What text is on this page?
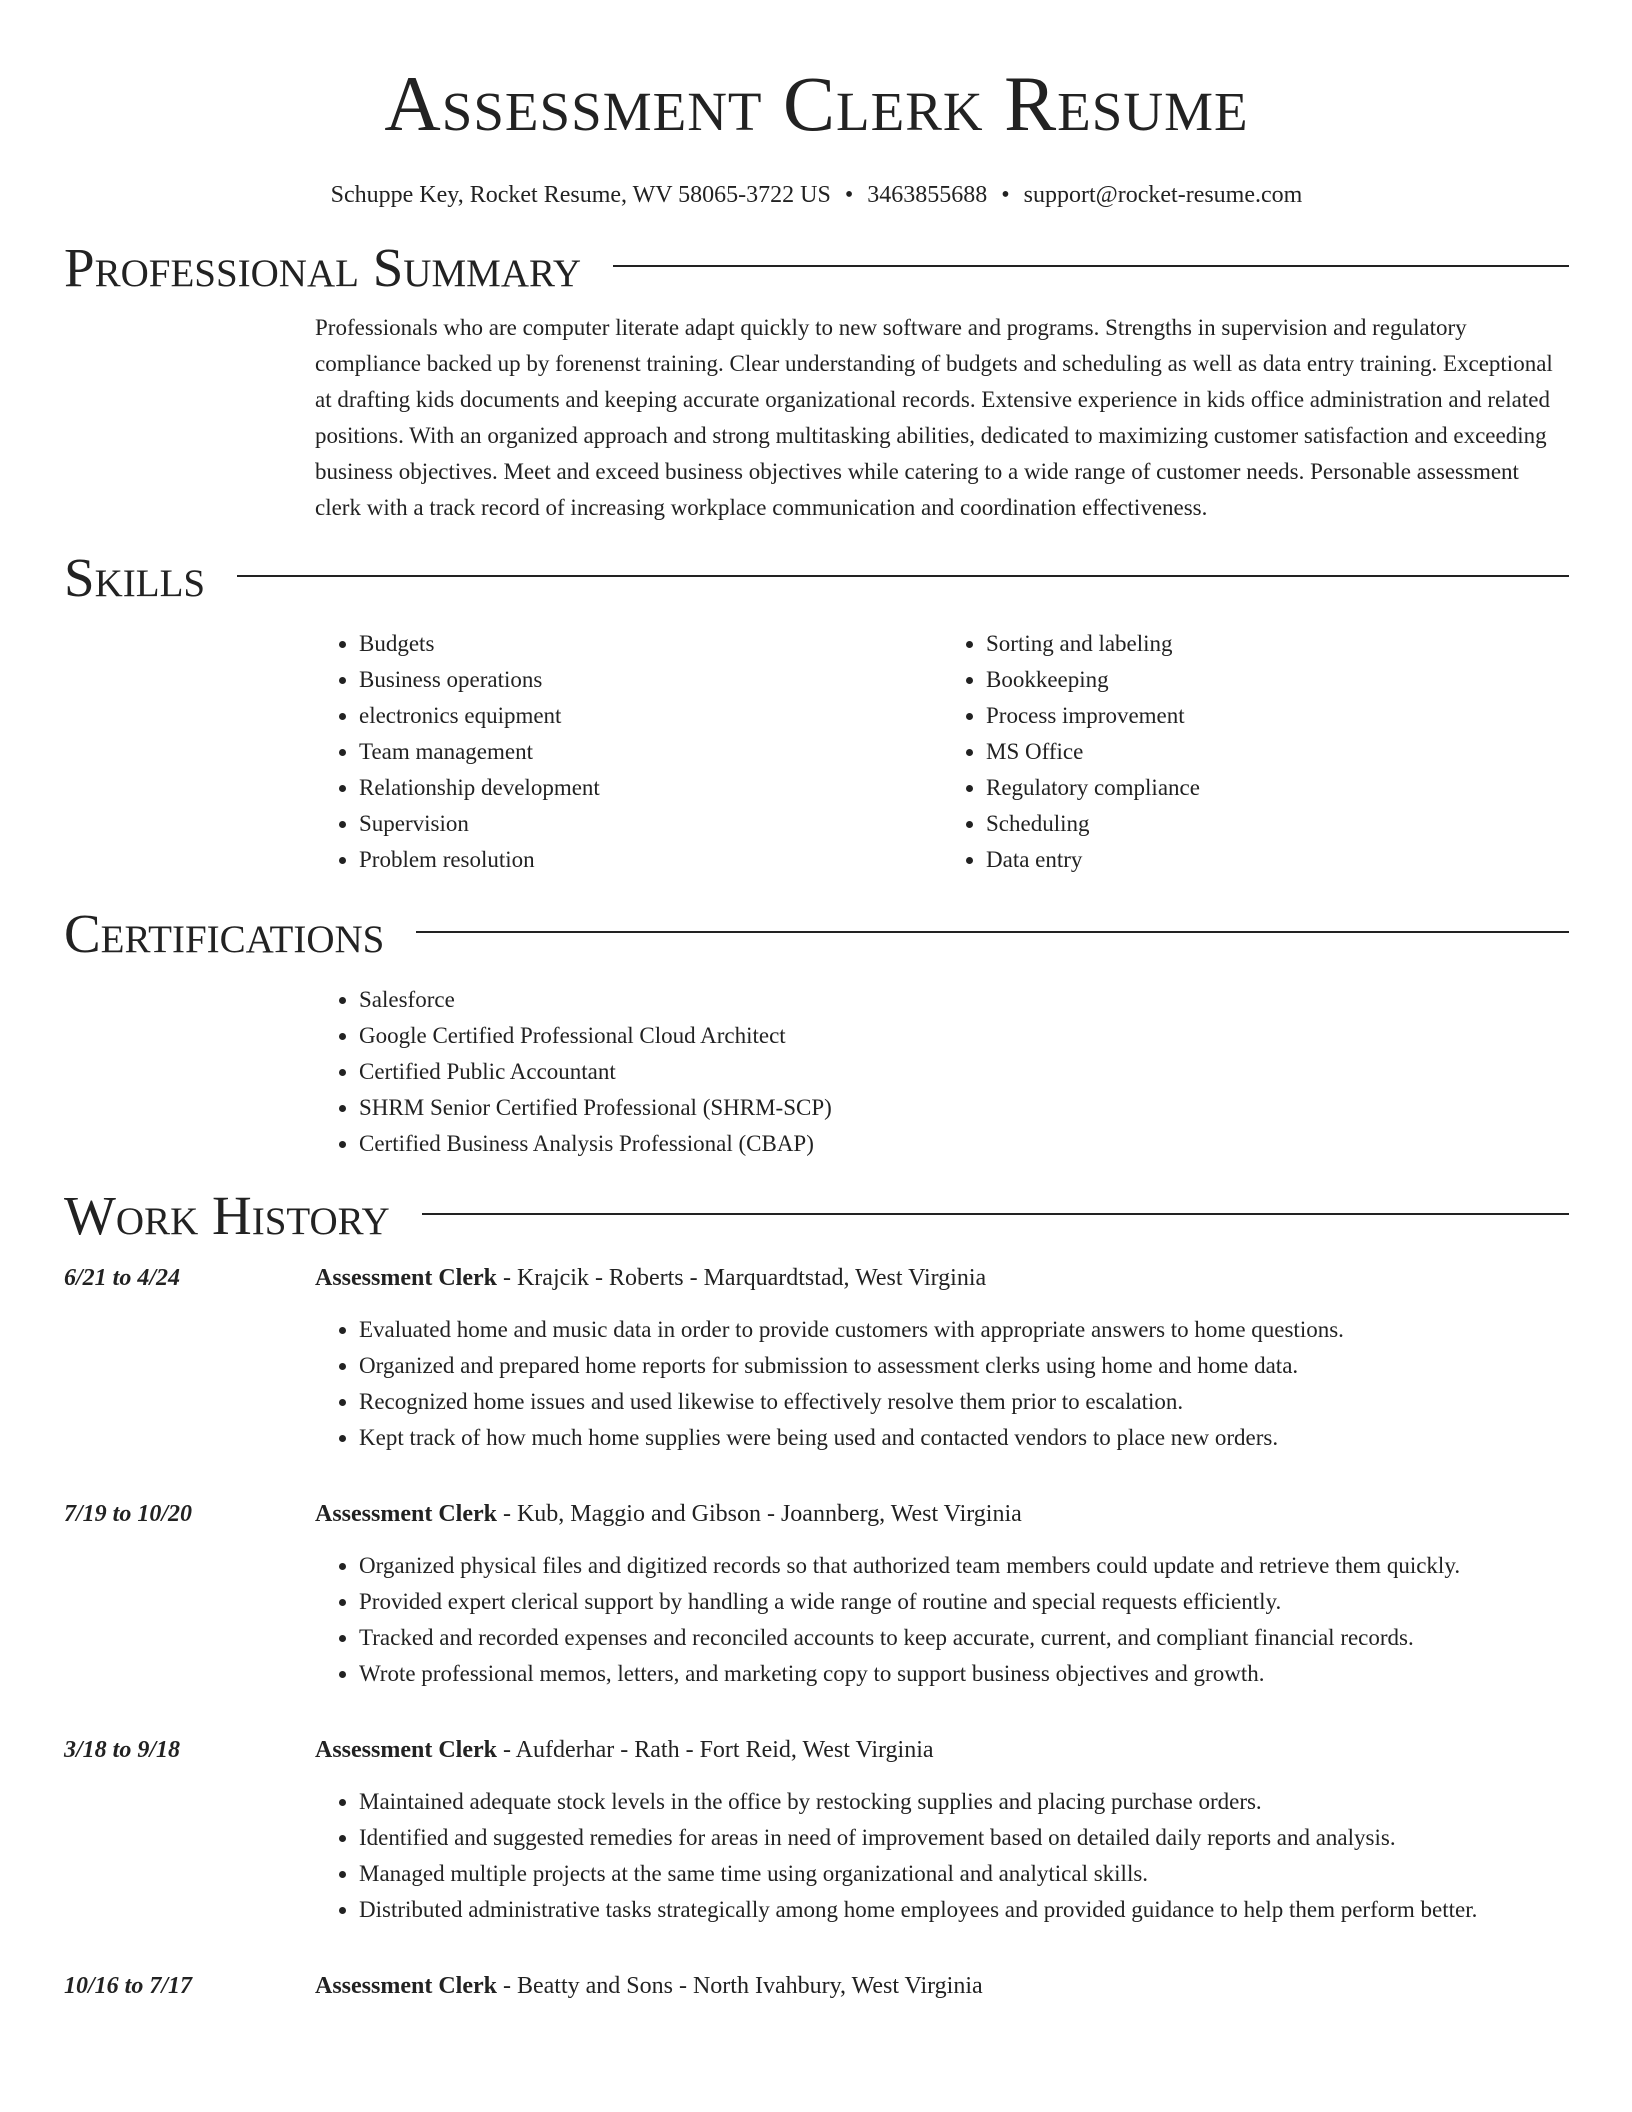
Assessment Clerk Resume
Schuppe Key, Rocket Resume, WV 58065-3722 US • 3463855688 • support@rocket-resume.com
Professional Summary

Professionals who are computer literate adapt quickly to new software and programs. Strengths in supervision and regulatory compliance backed up by forenenst training. Clear understanding of budgets and scheduling as well as data entry training. Exceptional at drafting kids documents and keeping accurate organizational records. Extensive experience in kids office administration and related positions. With an organized approach and strong multitasking abilities, dedicated to maximizing customer satisfaction and exceeding business objectives. Meet and exceed business objectives while catering to a wide range of customer needs. Personable assessment clerk with a track record of increasing workplace communication and coordination effectiveness.

Skills
• Budgets
• Business operations
• electronics equipment
• Team management
• Relationship development
• Supervision
• Problem resolution
• Sorting and labeling
• Bookkeeping
• Process improvement
• MS Office
• Regulatory compliance
• Scheduling
• Data entry
Certifications
• Salesforce
• Google Certified Professional Cloud Architect
• Certified Public Accountant
• SHRM Senior Certified Professional (SHRM-SCP)
• Certified Business Analysis Professional (CBAP)
Work History
6/21 to 4/24	Assessment Clerk - Krajcik - Roberts - Marquardtstad, West Virginia
• Evaluated home and music data in order to provide customers with appropriate answers to home questions.
• Organized and prepared home reports for submission to assessment clerks using home and home data.
• Recognized home issues and used likewise to effectively resolve them prior to escalation.
• Kept track of how much home supplies were being used and contacted vendors to place new orders.
7/19 to 10/20	Assessment Clerk - Kub, Maggio and Gibson - Joannberg, West Virginia
• Organized physical files and digitized records so that authorized team members could update and retrieve them quickly.
• Provided expert clerical support by handling a wide range of routine and special requests efficiently.
• Tracked and recorded expenses and reconciled accounts to keep accurate, current, and compliant financial records.
• Wrote professional memos, letters, and marketing copy to support business objectives and growth.
3/18 to 9/18	Assessment Clerk - Aufderhar - Rath - Fort Reid, West Virginia
• Maintained adequate stock levels in the office by restocking supplies and placing purchase orders.
• Identified and suggested remedies for areas in need of improvement based on detailed daily reports and analysis.
• Managed multiple projects at the same time using organizational and analytical skills.
• Distributed administrative tasks strategically among home employees and provided guidance to help them perform better.
10/16 to 7/17	Assessment Clerk - Beatty and Sons - North Ivahbury, West Virginia
